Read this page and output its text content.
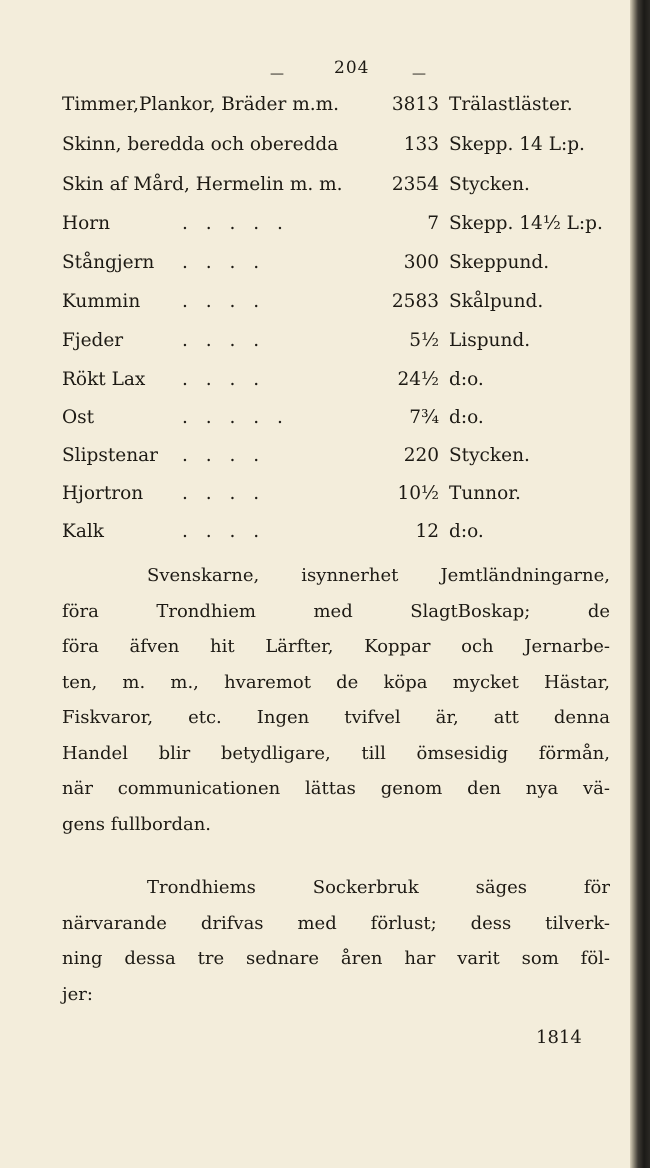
—	204	—
Timmer,Plankor, Bräder m.m.	3813 Trälastläster.
Skinn, beredda och oberedda	133 Skepp. 14 L:p.
Skin af Mård, Hermelin m. m.	2354 Stycken.
Horn	. . . . .	7 Skepp. 14½ L:p.
Stångjern . . . .	300 Skeppund.
Kummin . . . .	2583 Skålpund.
Fjeder	. . . .	5½ Lispund.
Rökt Lax . . . .	24½ d:o.
Ost	. . . . .	7¾ d:o.
Slipstenar . . . .	220 Stycken.
Hjortron . . . .	10½ Tunnor.
Kalk	. . . .	12 d:o.

Svenskarne, isynnerhet Jemtländningarne,

föra Trondhiem med SlagtBoskap; de

föra äfven hit Lärfter, Koppar och Jernarbe-

ten, m. m., hvaremot de köpa mycket Hästar,

Fiskvaror, etc. Ingen tvifvel är, att denna

Handel blir betydligare, till ömsesidig förmån,

när communicationen lättas genom den nya vä-

gens fullbordan.

Trondhiems Sockerbruk säges för

närvarande drifvas med förlust; dess tilverk-

ning dessa tre sednare åren har varit som föl-

jer:

1814
